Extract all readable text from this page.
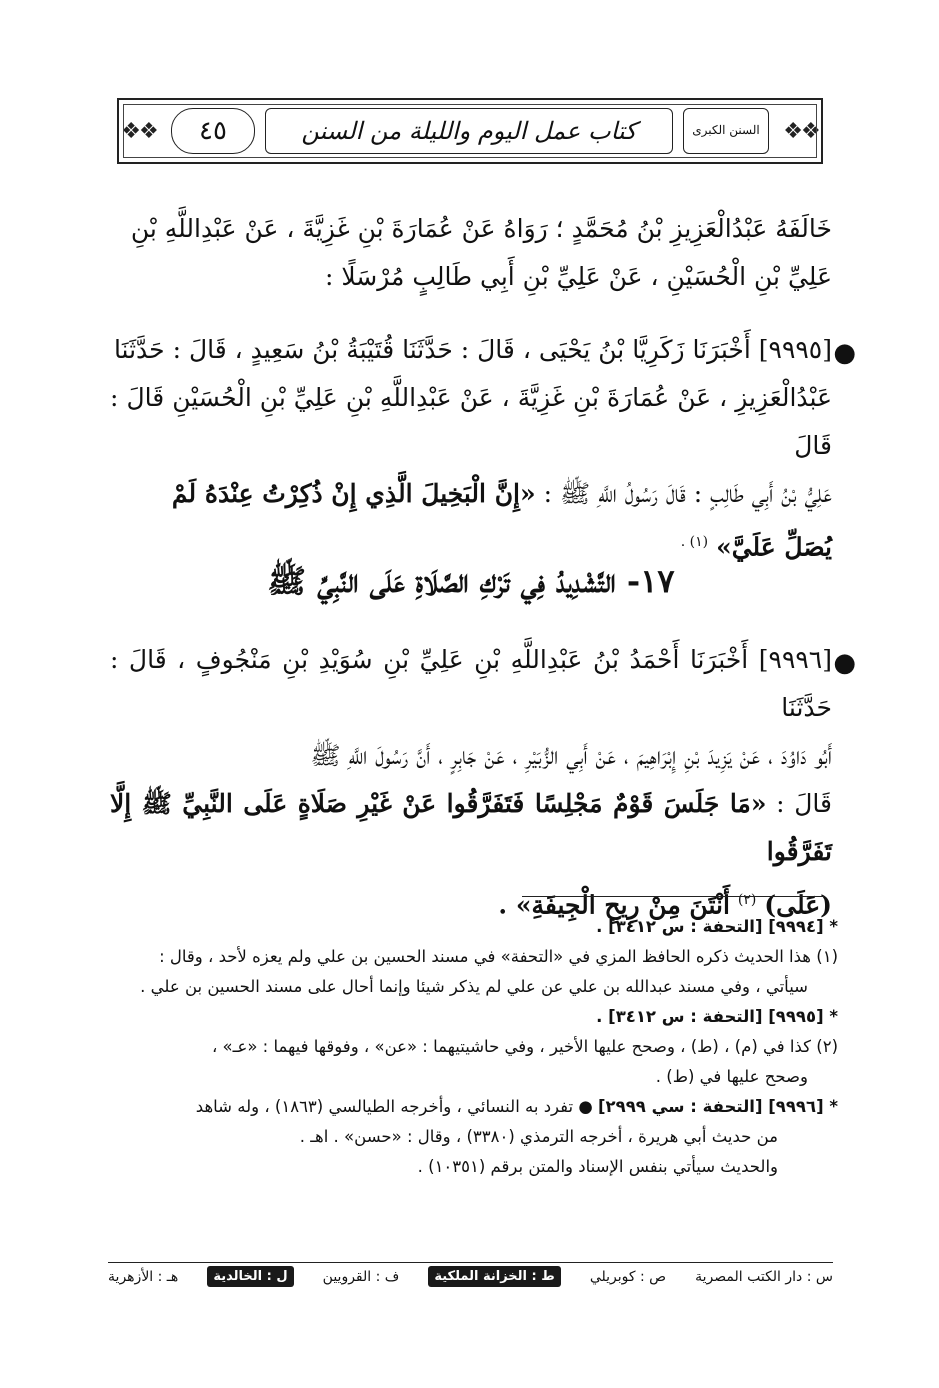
❖❖ ٤٥	كتاب عمل اليوم والليلة من السنن	السنن الكبرى ❖❖
خَالَفَهُ عَبْدُالْعَزِيزِ بْنُ مُحَمَّدٍ ؛ رَوَاهُ عَنْ عُمَارَةَ بْنِ غَزِيَّةَ ، عَنْ عَبْدِاللَّهِ بْنِ
عَلِيِّ بْنِ الْحُسَيْنِ ، عَنْ عَلِيِّ بْنِ أَبِي طَالِبٍ مُرْسَلًا :
●
[٩٩٩٥] أَخْبَرَنَا زَكَرِيَّا بْنُ يَحْيَى ، قَالَ : حَدَّثَنَا قُتَيْبَةُ بْنُ سَعِيدٍ ، قَالَ : حَدَّثَنَا
عَبْدُالْعَزِيزِ ، عَنْ عُمَارَةَ بْنِ غَزِيَّةَ ، عَنْ عَبْدِاللَّهِ بْنِ عَلِيِّ بْنِ الْحُسَيْنِ قَالَ : قَالَ
عَلِيُّ بْنُ أَبِي طَالِبٍ : قَالَ رَسُولُ اللَّهِ ﷺ : «إِنَّ الْبَخِيلَ الَّذِي إِنْ ذُكِرْتُ عِنْدَهُ لَمْ
يُصَلِّ عَلَيَّ» $^{(١) .}$
١٧- التَّشْدِيدُ فِي تَرْكِ الصَّلَاةِ عَلَى النَّبِيِّ ﷺ
●
[٩٩٩٦] أَخْبَرَنَا أَحْمَدُ بْنُ عَبْدِاللَّهِ بْنِ عَلِيِّ بْنِ سُوَيْدِ بْنِ مَنْجُوفٍ ، قَالَ : حَدَّثَنَا
أَبُو دَاوُدَ ، عَنْ يَزِيدَ بْنِ إِبْرَاهِيمَ ، عَنْ أَبِي الزُّبَيْرِ ، عَنْ جَابِرٍ ، أَنَّ رَسُولَ اللَّهِ ﷺ
قَالَ : «مَا جَلَسَ قَوْمٌ مَجْلِسًا فَتَفَرَّقُوا عَنْ غَيْرِ صَلَاةٍ عَلَى النَّبِيِّ ﷺ إِلَّا تَفَرَّقُوا
(عَلَى) $^{(٢)}$ أَنْتَنَ مِنْ رِيحِ الْجِيفَةِ» .
* [٩٩٩٤] [التحفة : س ٣٤١٢] .
(١) هذا الحديث ذكره الحافظ المزي في «التحفة» في مسند الحسين بن علي ولم يعزه لأحد ، وقال :
سيأتي ، وفي مسند عبدالله بن علي عن علي لم يذكر شيئا وإنما أحال على مسند الحسين بن علي .
* [٩٩٩٥] [التحفة : س ٣٤١٢] .
(٢) كذا في (م) ، (ط) ، وصحح عليها الأخير ، وفي حاشيتيهما : «عن» ، وفوقها فيهما : «عـ» ،
وصحح عليها في (ط) .
* [٩٩٩٦] [التحفة : سي ٢٩٩٩] ● تفرد به النسائي ، وأخرجه الطيالسي (١٨٦٣) ، وله شاهد
من حديث أبي هريرة ، أخرجه الترمذي (٣٣٨٠) ، وقال : «حسن» . اهـ .
والحديث سيأتي بنفس الإسناد والمتن برقم (١٠٣٥١) .
س : دار الكتب المصرية
ص : كوبريلي
ط : الخزانة الملكية
ف : القرويين
ل : الخالدية
هـ : الأزهرية
